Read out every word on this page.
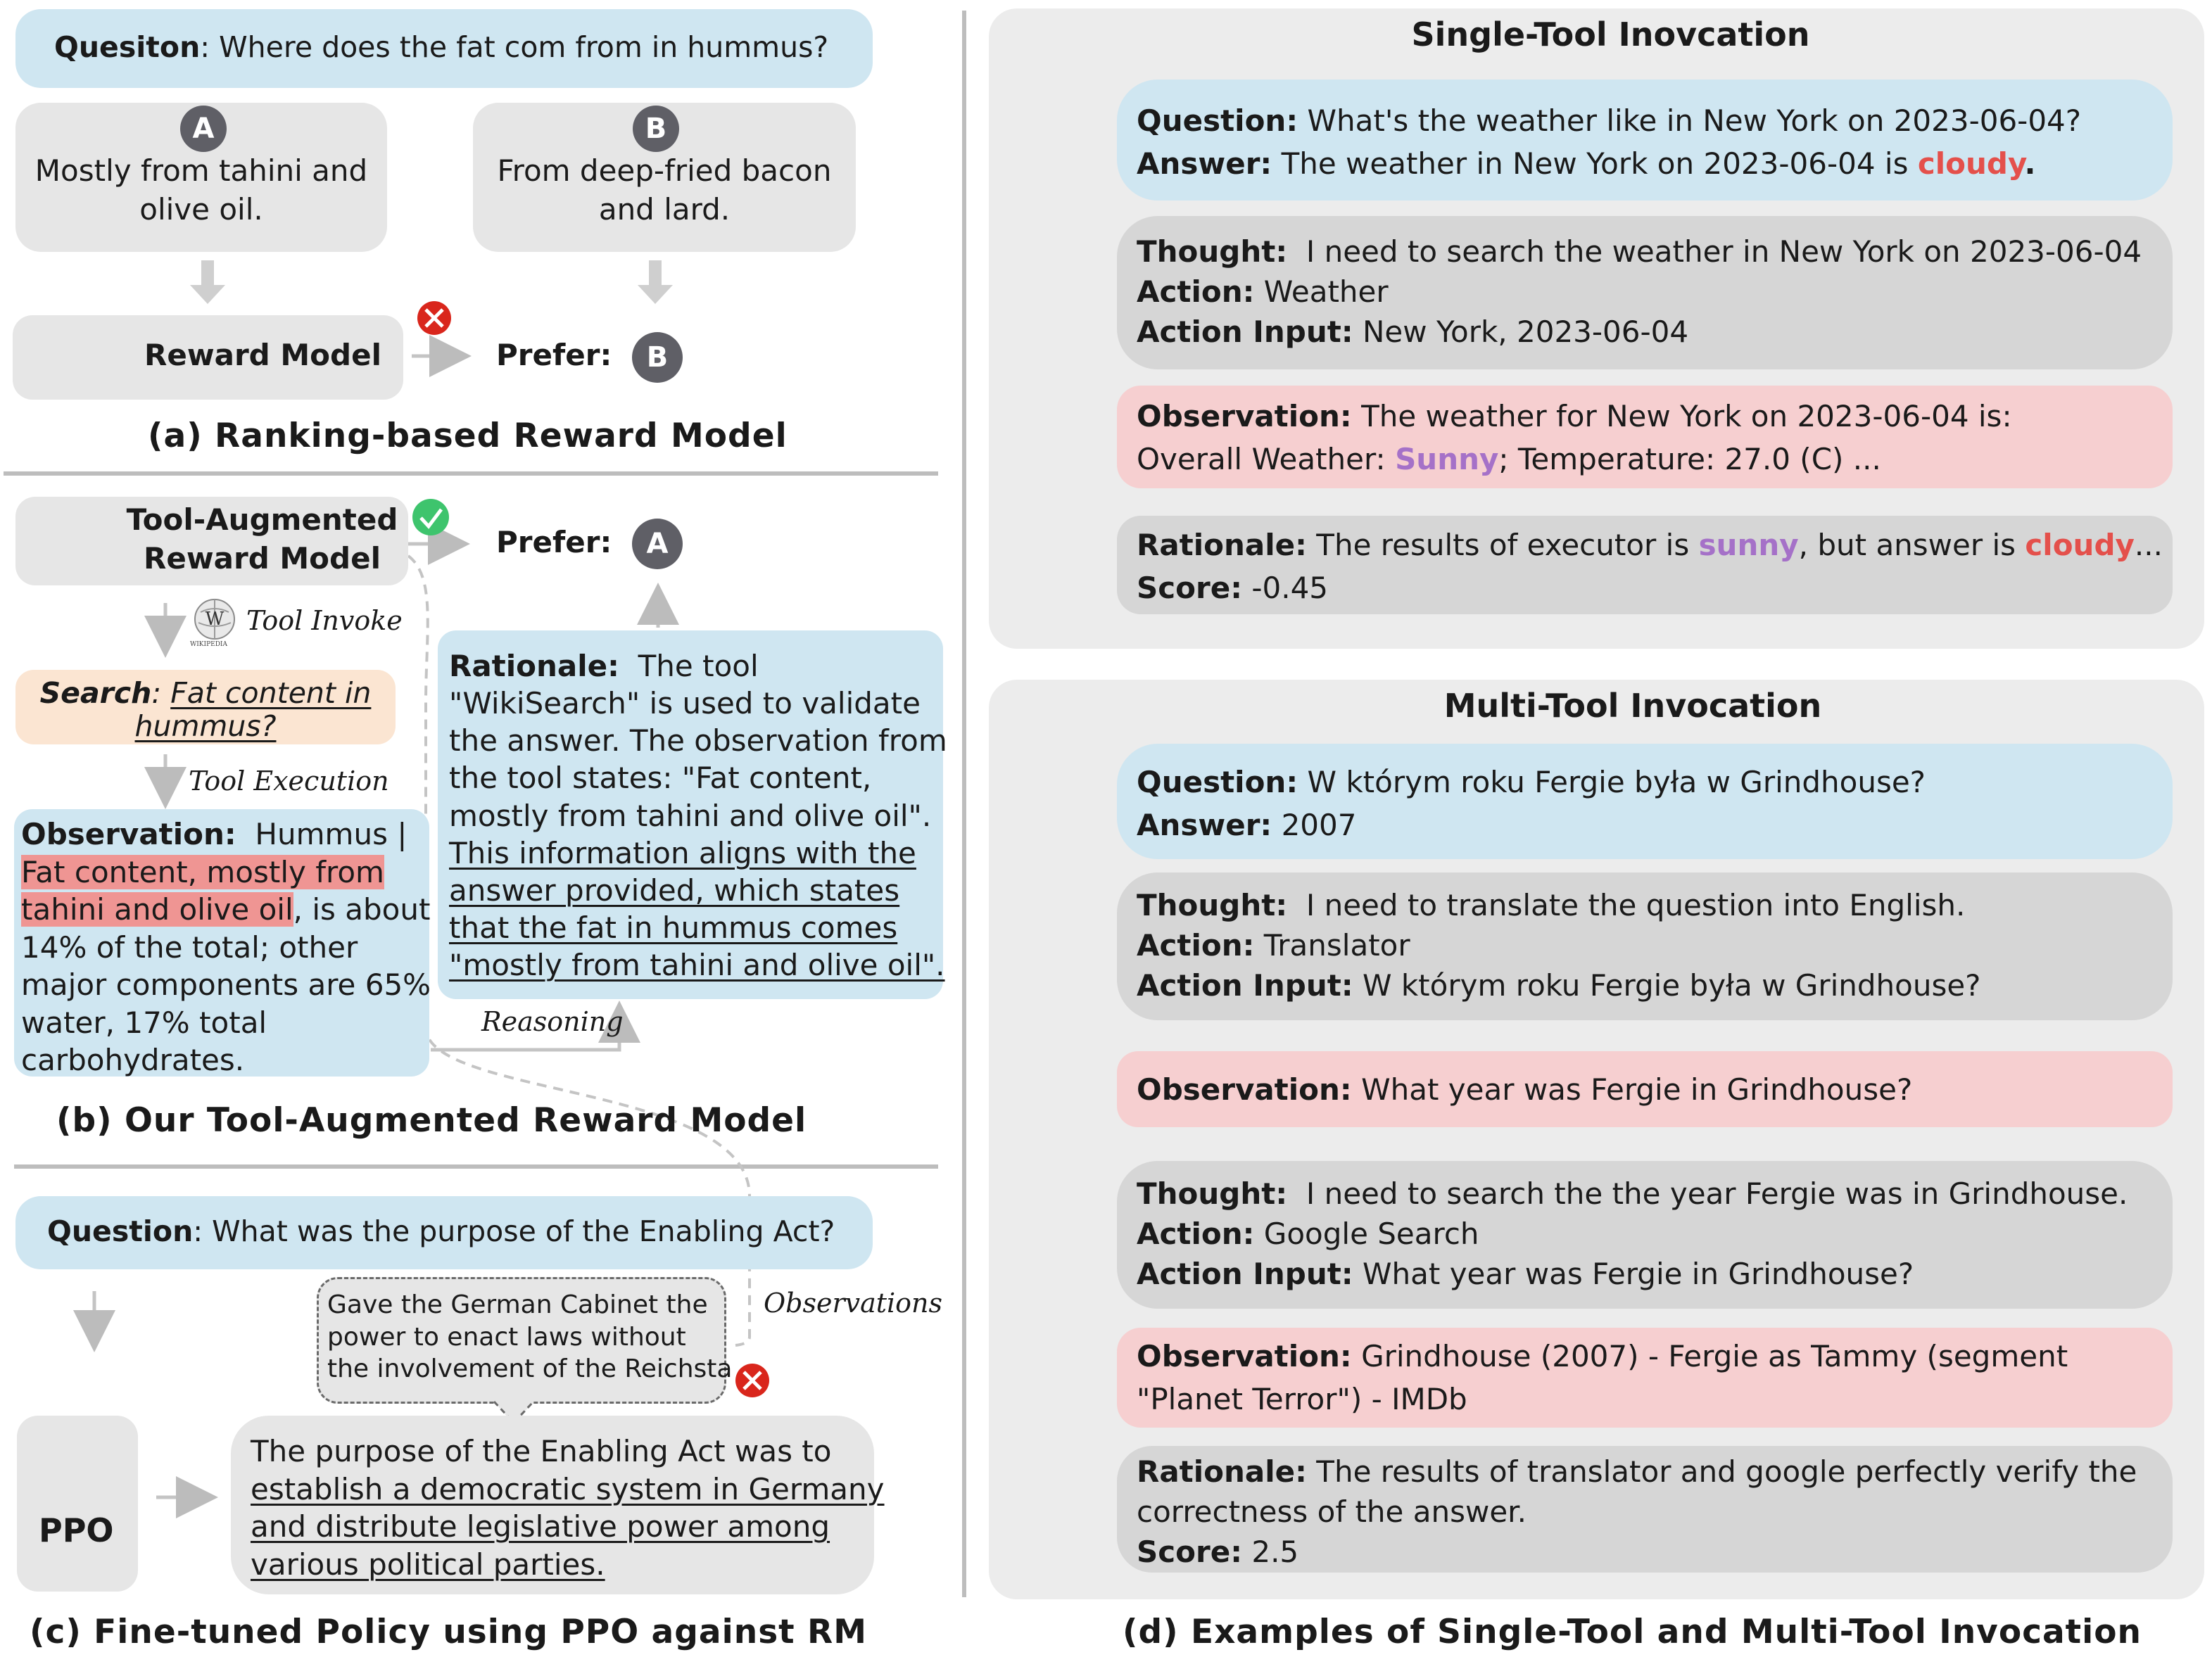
W
Quesiton: Where does the fat com from in hummus?
Mostly from tahini and
olive oil.
A
From deep-fried bacon
and lard.
B
Reward Model	Prefer:	B
(a) Ranking-based Reward Model
Tool-Augmented
Reward Model	Prefer:	A
Tool Invoke
WIKIPEDIA
Search: Fat content in
hummus?
Tool Execution
Observation: Hummus |
Fat content, mostly from
tahini and olive oil, is about
14% of the total; other
major components are 65%
water, 17% total
carbohydrates.
Rationale: The tool
"WikiSearch" is used to validate
the answer. The observation from
the tool states: "Fat content,
mostly from tahini and olive oil".
This information aligns with the
answer provided, which states
that the fat in hummus comes
"mostly from tahini and olive oil".
Reasoning
(b) Our Tool-Augmented Reward Model
Question: What was the purpose of the Enabling Act?
Observations
Gave the German Cabinet the
power to enact laws without
the involvement of the Reichsta
PPO
The purpose of the Enabling Act was to
establish a democratic system in Germany
and distribute legislative power among
various political parties.
(c) Fine-tuned Policy using PPO against RM
Single-Tool Inovcation
Question: What's the weather like in New York on 2023-06-04?
Answer: The weather in New York on 2023-06-04 is cloudy.
Thought: I need to search the weather in New York on 2023-06-04
Action: Weather
Action Input: New York, 2023-06-04
Observation: The weather for New York on 2023-06-04 is:
Overall Weather: Sunny; Temperature: 27.0 (C) ...
Rationale: The results of executor is sunny, but answer is cloudy...
Score: -0.45
Multi-Tool Invocation
Question: W którym roku Fergie była w Grindhouse?
Answer: 2007
Thought: I need to translate the question into English.
Action: Translator
Action Input: W którym roku Fergie była w Grindhouse?
Observation: What year was Fergie in Grindhouse?
Thought: I need to search the the year Fergie was in Grindhouse.
Action: Google Search
Action Input: What year was Fergie in Grindhouse?
Observation: Grindhouse (2007) - Fergie as Tammy (segment
"Planet Terror") - IMDb
Rationale: The results of translator and google perfectly verify the
correctness of the answer.
Score: 2.5
(d) Examples of Single-Tool and Multi-Tool Invocation
